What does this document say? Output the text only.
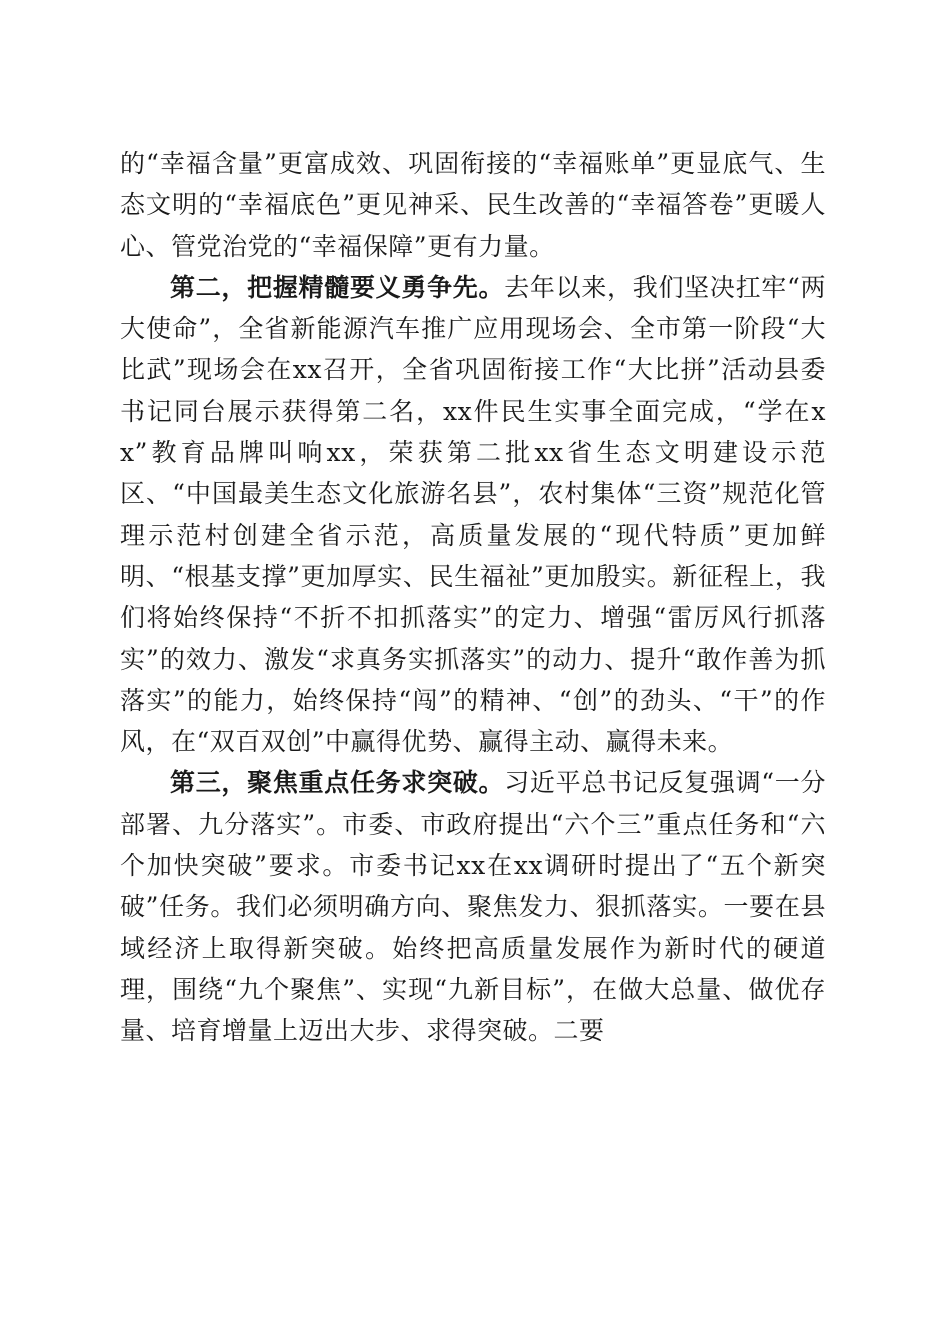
的“幸福含量”更富成效、巩固衔接的“幸福账单”更显底气、生态文明的“幸福底色”更见神采、民生改善的“幸福答卷”更暖人心、管党治党的“幸福保障”更有力量。

第二，把握精髓要义勇争先。去年以来，我们坚决扛牢“两大使命”，全省新能源汽车推广应用现场会、全市第一阶段“大比武”现场会在xx召开，全省巩固衔接工作“大比拼”活动县委书记同台展示获得第二名，xx件民生实事全面完成，“学在xx”教育品牌叫响xx，荣获第二批xx省生态文明建设示范区、“中国最美生态文化旅游名县”，农村集体“三资”规范化管理示范村创建全省示范，高质量发展的“现代特质”更加鲜明、“根基支撑”更加厚实、民生福祉”更加殷实。新征程上，我们将始终保持“不折不扣抓落实”的定力、增强“雷厉风行抓落实”的效力、激发“求真务实抓落实”的动力、提升“敢作善为抓落实”的能力，始终保持“闯”的精神、“创”的劲头、“干”的作风，在“双百双创”中赢得优势、赢得主动、赢得未来。

第三，聚焦重点任务求突破。习近平总书记反复强调“一分部署、九分落实”。市委、市政府提出“六个三”重点任务和“六个加快突破”要求。市委书记xx在xx调研时提出了“五个新突破”任务。我们必须明确方向、聚焦发力、狠抓落实。一要在县域经济上取得新突破。始终把高质量发展作为新时代的硬道理，围绕“九个聚焦”、实现“九新目标”，在做大总量、做优存量、培育增量上迈出大步、求得突破。二要
